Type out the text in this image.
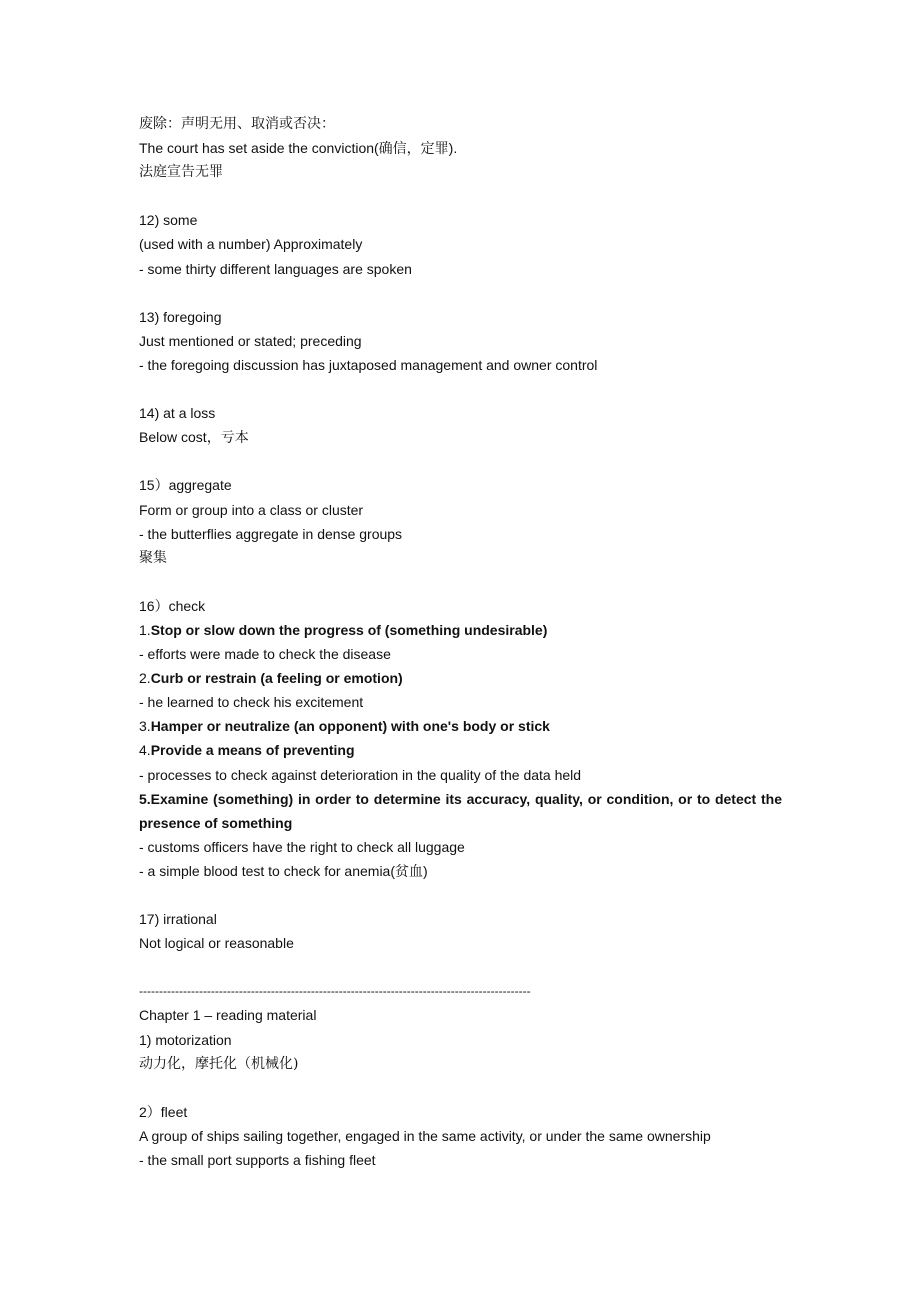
废除：声明无用、取消或否决：
The court has set aside the conviction(确信，定罪).
法庭宣告无罪
12) some
(used with a number) Approximately
- some thirty different languages are spoken
13) foregoing
Just mentioned or stated; preceding
- the foregoing discussion has juxtaposed management and owner control
14) at a loss
Below cost，亏本
15）aggregate
Form or group into a class or cluster
- the butterflies aggregate in dense groups
聚集
16）check
1.Stop or slow down the progress of (something undesirable)
- efforts were made to check the disease
2.Curb or restrain (a feeling or emotion)
- he learned to check his excitement
3.Hamper or neutralize (an opponent) with one's body or stick
4.Provide a means of preventing
- processes to check against deterioration in the quality of the data held
5.Examine (something) in order to determine its accuracy, quality, or condition, or to detect the presence of something
- customs officers have the right to check all luggage
- a simple blood test to check for anemia(贫血)
17) irrational
Not logical or reasonable
--------------------------------------------------------------------------------------------------
Chapter 1 – reading material
1) motorization
动力化，摩托化（机械化)
2）fleet
A group of ships sailing together, engaged in the same activity, or under the same ownership
- the small port supports a fishing fleet
